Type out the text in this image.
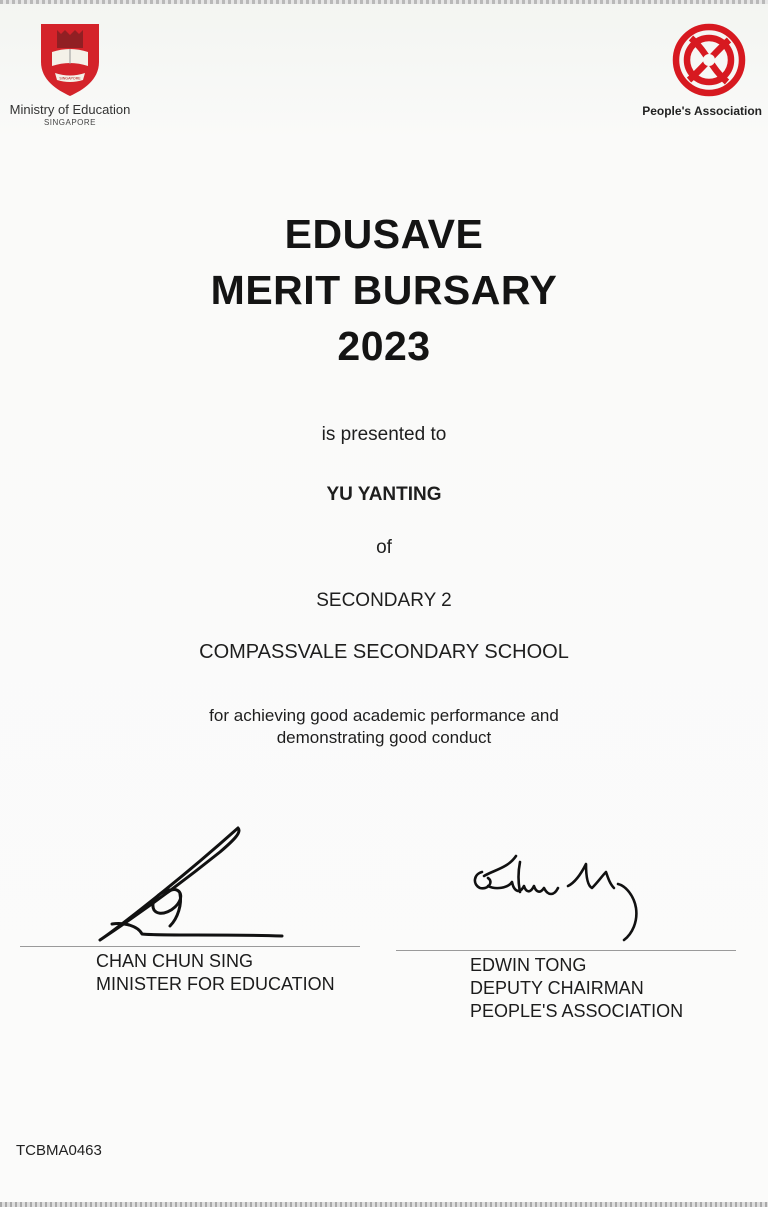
SINGAPORE
Ministry of Education
SINGAPORE
People's Association
EDUSAVE
MERIT BURSARY
2023
is presented to
YU YANTING
of
SECONDARY 2
COMPASSVALE SECONDARY SCHOOL
for achieving good academic performance and
demonstrating good conduct
CHAN CHUN SING
MINISTER FOR EDUCATION
EDWIN TONG
DEPUTY CHAIRMAN
PEOPLE'S ASSOCIATION
TCBMA0463
